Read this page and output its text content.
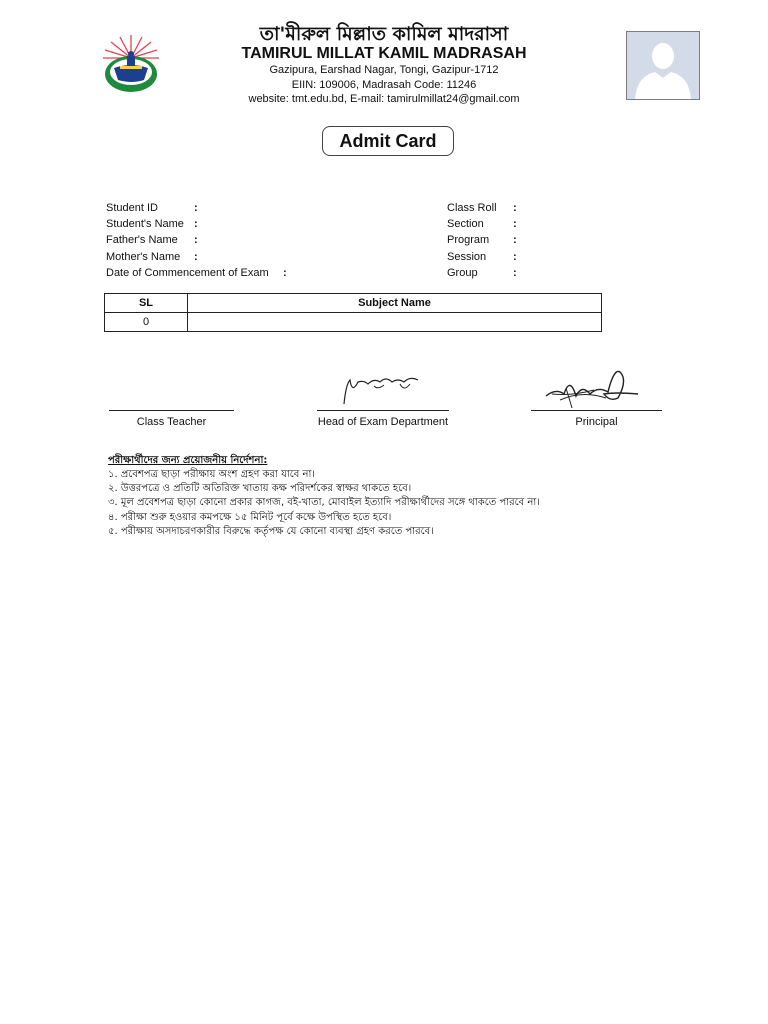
তা'মীরুল মিল্লাত কামিল মাদরাসা
TAMIRUL MILLAT KAMIL MADRASAH
Gazipura, Earshad Nagar, Tongi, Gazipur-1712
EIIN: 109006, Madrasah Code: 11246
website: tmt.edu.bd, E-mail: tamirulmillat24@gmail.com
Admit Card
Student ID	:
Student's Name :
Father's Name :
Mother's Name :
Date of Commencement of Exam :
Class Roll :
Section	:
Program :
Session :
Group	:
SL	Subject Name
0	
Class Teacher	Head of Exam Department	Principal
পরীক্ষার্থীদের জন্য প্রয়োজনীয় নির্দেশনা:
১. প্রবেশপত্র ছাড়া পরীক্ষায় অংশ গ্রহণ করা যাবে না।
২. উত্তরপত্রে ও প্রতিটি অতিরিক্ত খাতায় কক্ষ পরিদর্শকের স্বাক্ষর থাকতে হবে।
৩. মূল প্রবেশপত্র ছাড়া কোনো প্রকার কাগজ, বই-খাতা, মোবাইল ইত্যাদি পরীক্ষার্থীদের সঙ্গে থাকতে পারবে না।
৪. পরীক্ষা শুরু হওয়ার কমপক্ষে ১৫ মিনিট পূর্বে কক্ষে উপস্থিত হতে হবে।
৫. পরীক্ষায় অসদাচরণকারীর বিরুদ্ধে কর্তৃপক্ষ যে কোনো ব্যবস্থা গ্রহণ করতে পারবে।
